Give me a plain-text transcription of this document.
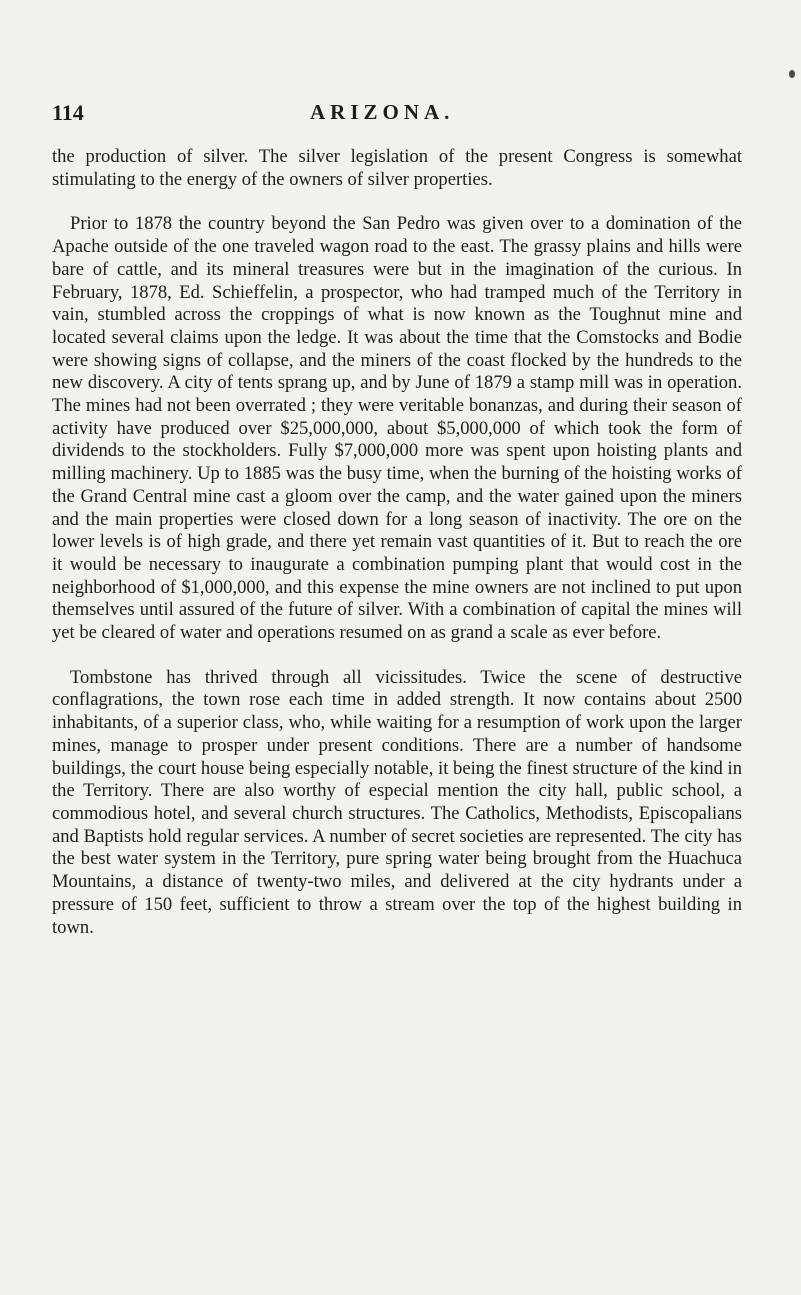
114	ARIZONA.

the production of silver. The silver legislation of the present Congress is somewhat stimulating to the energy of the owners of silver properties.

Prior to 1878 the country beyond the San Pedro was given over to a domination of the Apache outside of the one traveled wagon road to the east. The grassy plains and hills were bare of cattle, and its mineral treasures were but in the imagination of the curious. In February, 1878, Ed. Schieffelin, a prospector, who had tramped much of the Territory in vain, stumbled across the croppings of what is now known as the Toughnut mine and located several claims upon the ledge. It was about the time that the Comstocks and Bodie were showing signs of collapse, and the miners of the coast flocked by the hundreds to the new discovery. A city of tents sprang up, and by June of 1879 a stamp mill was in operation. The mines had not been overrated ; they were veritable bonanzas, and during their season of activity have produced over $25,000,000, about $5,000,000 of which took the form of dividends to the stockholders. Fully $7,000,000 more was spent upon hoisting plants and milling machinery. Up to 1885 was the busy time, when the burning of the hoisting works of the Grand Central mine cast a gloom over the camp, and the water gained upon the miners and the main properties were closed down for a long season of inactivity. The ore on the lower levels is of high grade, and there yet remain vast quantities of it. But to reach the ore it would be necessary to inaugurate a combination pumping plant that would cost in the neighborhood of $1,000,000, and this expense the mine owners are not inclined to put upon themselves until assured of the future of silver. With a combination of capital the mines will yet be cleared of water and operations resumed on as grand a scale as ever before.

Tombstone has thrived through all vicissitudes. Twice the scene of destructive conflagrations, the town rose each time in added strength. It now contains about 2500 inhabitants, of a superior class, who, while waiting for a resumption of work upon the larger mines, manage to prosper under present conditions. There are a number of handsome buildings, the court house being especially notable, it being the finest structure of the kind in the Territory. There are also worthy of especial mention the city hall, public school, a commodious hotel, and several church structures. The Catholics, Methodists, Episcopalians and Baptists hold regular services. A number of secret societies are represented. The city has the best water system in the Territory, pure spring water being brought from the Huachuca Mountains, a distance of twenty-two miles, and delivered at the city hydrants under a pressure of 150 feet, sufficient to throw a stream over the top of the highest building in town.
